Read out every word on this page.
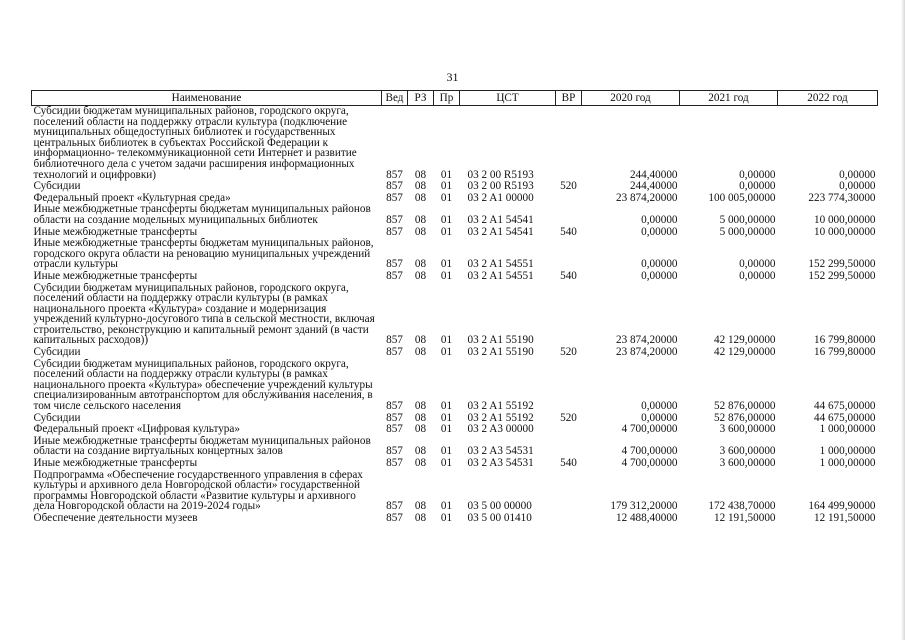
31
Наименование	Вед	РЗ	Пр	ЦСТ	ВР	2020 год	2021 год	2022 год
Субсидии бюджетам муниципальных районов, городского округа, поселений области на поддержку отрасли культура (подключение муниципальных общедоступных библиотек и государственных центральных библиотек в субъектах Российской Федерации к информационно- телекоммуникационной сети Интернет и развитие библиотечного дела с учетом задачи расширения информационных технологий и оцифровки)	857	08	01	03 2 00 R5193		244,40000	0,00000	0,00000
Субсидии	857	08	01	03 2 00 R5193	520	244,40000	0,00000	0,00000
Федеральный проект «Культурная среда»	857	08	01	03 2 A1 00000		23 874,20000	100 005,00000	223 774,30000
Иные межбюджетные трансферты бюджетам муниципальных районов области на создание модельных муниципальных библиотек	857	08	01	03 2 A1 54541		0,00000	5 000,00000	10 000,00000
Иные межбюджетные трансферты	857	08	01	03 2 A1 54541	540	0,00000	5 000,00000	10 000,00000
Иные межбюджетные трансферты бюджетам муниципальных районов, городского округа области на реновацию муниципальных учреждений отрасли культуры	857	08	01	03 2 A1 54551		0,00000	0,00000	152 299,50000
Иные межбюджетные трансферты	857	08	01	03 2 A1 54551	540	0,00000	0,00000	152 299,50000
Субсидии бюджетам муниципальных районов, городского округа, поселений области на поддержку отрасли культуры (в рамках национального проекта «Культура» создание и модернизация учреждений культурно-досугового типа в сельской местности, включая строительство, реконструкцию и капитальный ремонт зданий (в части капитальных расходов))	857	08	01	03 2 A1 55190		23 874,20000	42 129,00000	16 799,80000
Субсидии	857	08	01	03 2 A1 55190	520	23 874,20000	42 129,00000	16 799,80000
Субсидии бюджетам муниципальных районов, городского округа, поселений области на поддержку отрасли культуры (в рамках национального проекта «Культура» обеспечение учреждений культуры специализированным автотранспортом для обслуживания населения, в том числе сельского населения	857	08	01	03 2 A1 55192		0,00000	52 876,00000	44 675,00000
Субсидии	857	08	01	03 2 A1 55192	520	0,00000	52 876,00000	44 675,00000
Федеральный проект «Цифровая культура»	857	08	01	03 2 A3 00000		4 700,00000	3 600,00000	1 000,00000
Иные межбюджетные трансферты бюджетам муниципальных районов области на создание виртуальных концертных залов	857	08	01	03 2 A3 54531		4 700,00000	3 600,00000	1 000,00000
Иные межбюджетные трансферты	857	08	01	03 2 A3 54531	540	4 700,00000	3 600,00000	1 000,00000
Подпрограмма «Обеспечение государственного управления в сферах культуры и архивного дела Новгородской области» государственной программы Новгородской области «Развитие культуры и архивного дела Новгородской области на 2019-2024 годы»	857	08	01	03 5 00 00000		179 312,20000	172 438,70000	164 499,90000
Обеспечение деятельности музеев	857	08	01	03 5 00 01410		12 488,40000	12 191,50000	12 191,50000
